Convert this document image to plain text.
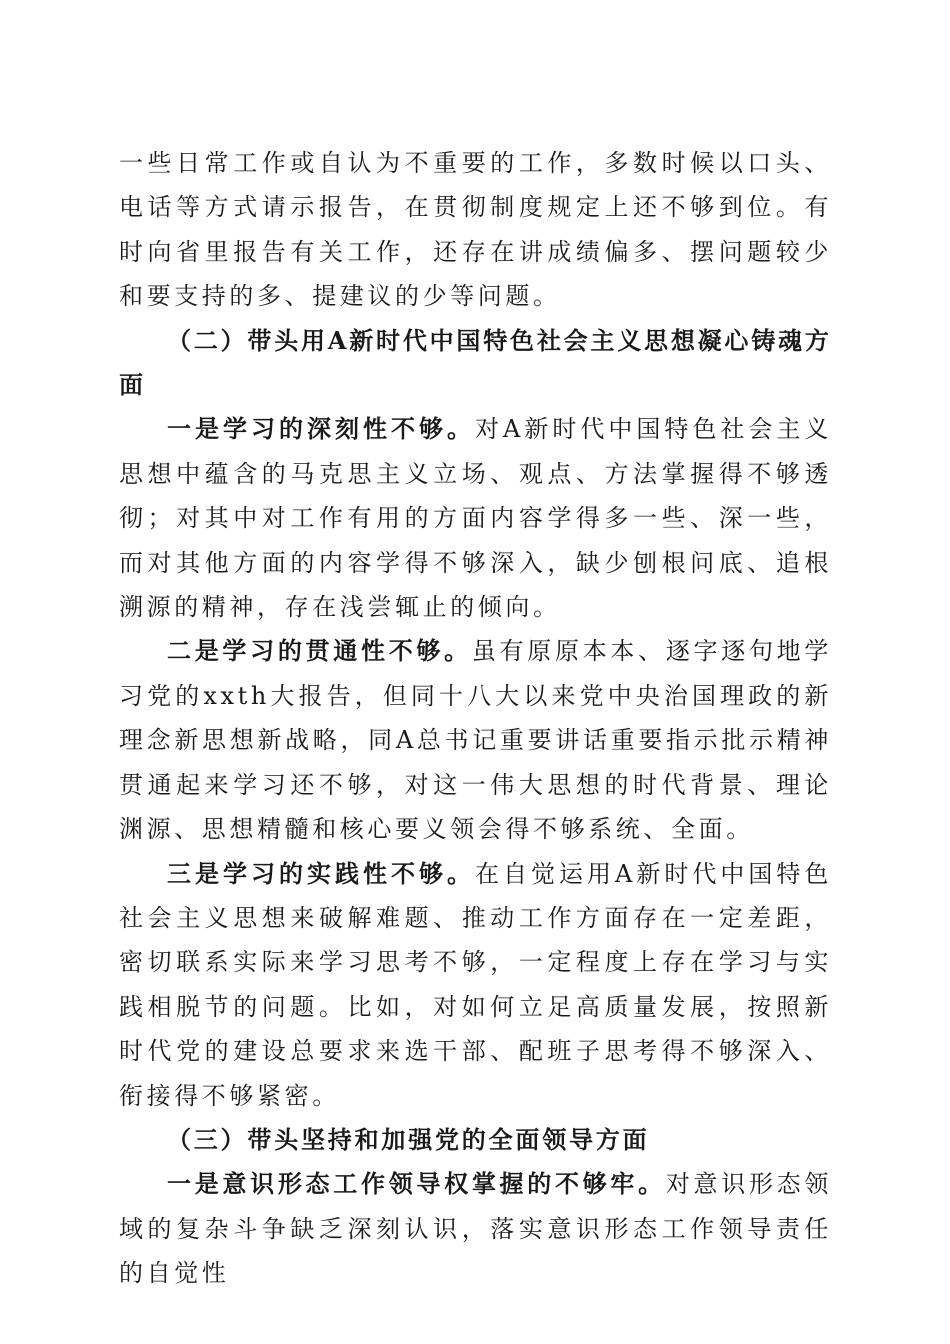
一些日常工作或自认为不重要的工作，多数时候以口头、电话等方式请示报告，在贯彻制度规定上还不够到位。有时向省里报告有关工作，还存在讲成绩偏多、摆问题较少和要支持的多、提建议的少等问题。

（二）带头用A新时代中国特色社会主义思想凝心铸魂方面

一是学习的深刻性不够。对A新时代中国特色社会主义思想中蕴含的马克思主义立场、观点、方法掌握得不够透彻；对其中对工作有用的方面内容学得多一些、深一些，而对其他方面的内容学得不够深入，缺少刨根问底、追根溯源的精神，存在浅尝辄止的倾向。

二是学习的贯通性不够。虽有原原本本、逐字逐句地学习党的xxth大报告，但同十八大以来党中央治国理政的新理念新思想新战略，同A总书记重要讲话重要指示批示精神贯通起来学习还不够，对这一伟大思想的时代背景、理论渊源、思想精髓和核心要义领会得不够系统、全面。

三是学习的实践性不够。在自觉运用A新时代中国特色社会主义思想来破解难题、推动工作方面存在一定差距，密切联系实际来学习思考不够，一定程度上存在学习与实践相脱节的问题。比如，对如何立足高质量发展，按照新时代党的建设总要求来选干部、配班子思考得不够深入、衔接得不够紧密。

（三）带头坚持和加强党的全面领导方面

一是意识形态工作领导权掌握的不够牢。对意识形态领域的复杂斗争缺乏深刻认识，落实意识形态工作领导责任的自觉性
